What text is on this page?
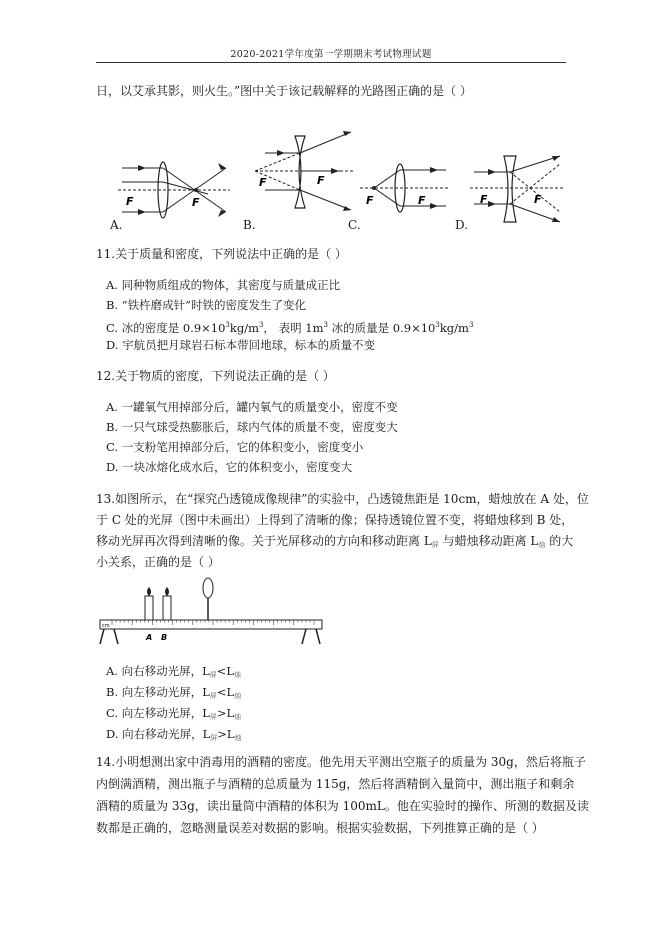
2020-2021学年度第一学期期末考试物理试题
日，以艾承其影，则火生。”图中关于该记载解释的光路图正确的是（ ）
F	F
F	F
F	F	F	F
A.	B.	C.	D.
11.关于质量和密度，下列说法中正确的是（ ）
A. 同种物质组成的物体，其密度与质量成正比
B. “铁杵磨成针”时铁的密度发生了变化
C. 冰的密度是 $0.9\times 10^3kg/m^3$， 表明 $1m^3$ 冰的质量是 $0.9\times 10^3kg/m^3$
D. 宇航员把月球岩石标本带回地球，标本的质量不变
12.关于物质的密度，下列说法正确的是（ ）
A. 一罐氧气用掉部分后，罐内氧气的质量变小，密度不变
B. 一只气球受热膨胀后，球内气体的质量不变，密度变大
C. 一支粉笔用掉部分后，它的体积变小，密度变小
D. 一块冰熔化成水后，它的体积变小，密度变大
13.如图所示，在“探究凸透镜成像规律”的实验中，凸透镜焦距是 10cm，蜡烛放在 A 处，位
于 C 处的光屏（图中未画出）上得到了清晰的像；保持透镜位置不变，将蜡烛移到 B 处，
移动光屏再次得到清晰的像。关于光屏移动的方向和移动距离 L屏 与蜡烛移动距离 L烛 的大
小关系，正确的是（ ）
cm
A B
A. 向右移动光屏，L屏<L烛
B. 向左移动光屏，L屏<L烛
C. 向左移动光屏，L屏>L烛
D. 向右移动光屏，L屏>L烛
14.小明想测出家中消毒用的酒精的密度。他先用天平测出空瓶子的质量为 30g，然后将瓶子
内倒满酒精，测出瓶子与酒精的总质量为 115g，然后将酒精倒入量筒中，测出瓶子和剩余
酒精的质量为 33g，读出量筒中酒精的体积为 100mL。他在实验时的操作、所测的数据及读
数都是正确的，忽略测量误差对数据的影响。根据实验数据，下列推算正确的是（ ）
